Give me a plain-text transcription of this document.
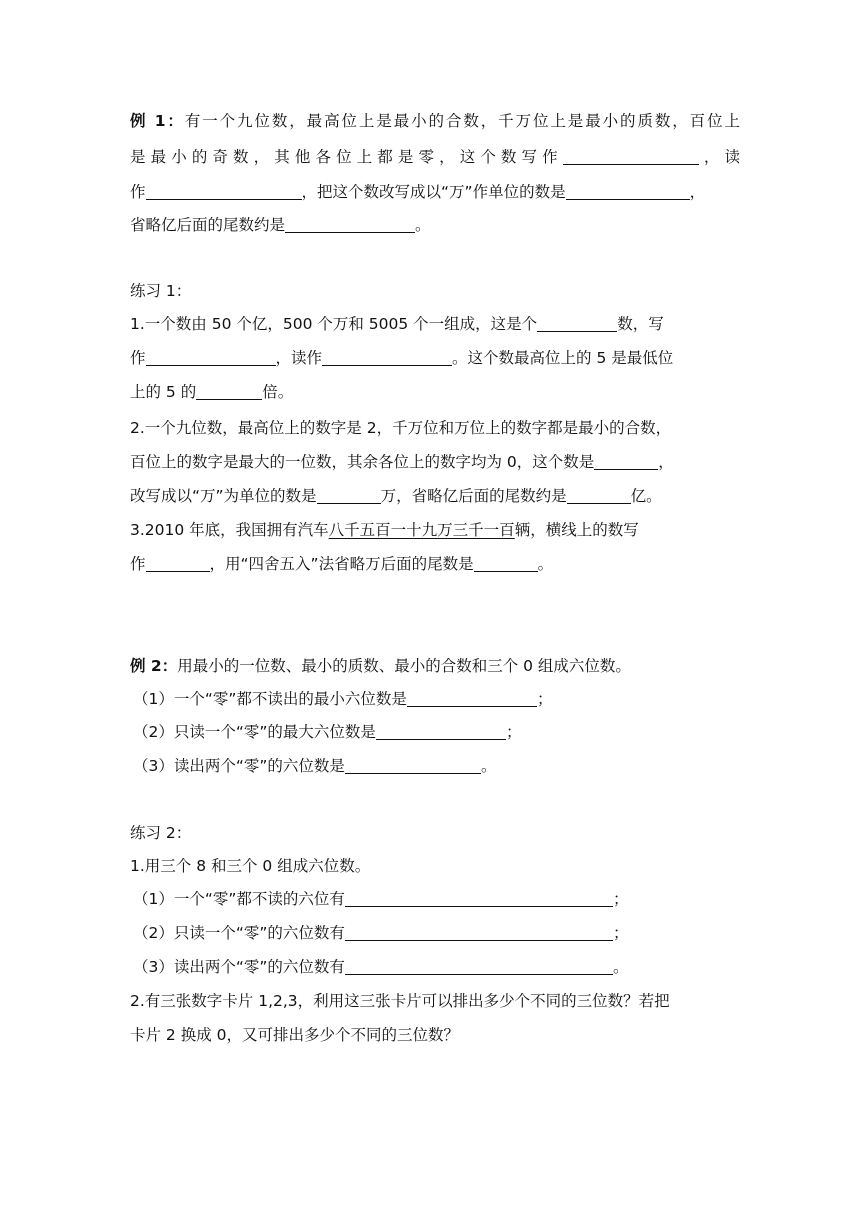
例 1：有一个九位数，最高位上是最小的合数，千万位上是最小的质数，百位上
是最小的奇数，其他各位上都是零，这个数写作	，读
作	，把这个数改写成以“万”作单位的数是	，
省略亿后面的尾数约是	。
练习 1：
1.一个数由 50 个亿，500 个万和 5005 个一组成，这是个	数，写
作	，读作	。这个数最高位上的 5 是最低位
上的 5 的	倍。
2.一个九位数，最高位上的数字是 2，千万位和万位上的数字都是最小的合数，
百位上的数字是最大的一位数，其余各位上的数字均为 0，这个数是	，
改写成以“万”为单位的数是	万，省略亿后面的尾数约是	亿。
3.2010 年底，我国拥有汽车八千五百一十九万三千一百辆，横线上的数写
作	，用“四舍五入”法省略万后面的尾数是	。
例 2：用最小的一位数、最小的质数、最小的合数和三个 0 组成六位数。
（1）一个“零”都不读出的最小六位数是	；
（2）只读一个“零”的最大六位数是	；
（3）读出两个“零”的六位数是	。
练习 2：
1.用三个 8 和三个 0 组成六位数。
（1）一个“零”都不读的六位有	；
（2）只读一个“零”的六位数有	；
（3）读出两个“零”的六位数有	。
2.有三张数字卡片 1,2,3，利用这三张卡片可以排出多少个不同的三位数？若把
卡片 2 换成 0，又可排出多少个不同的三位数？
